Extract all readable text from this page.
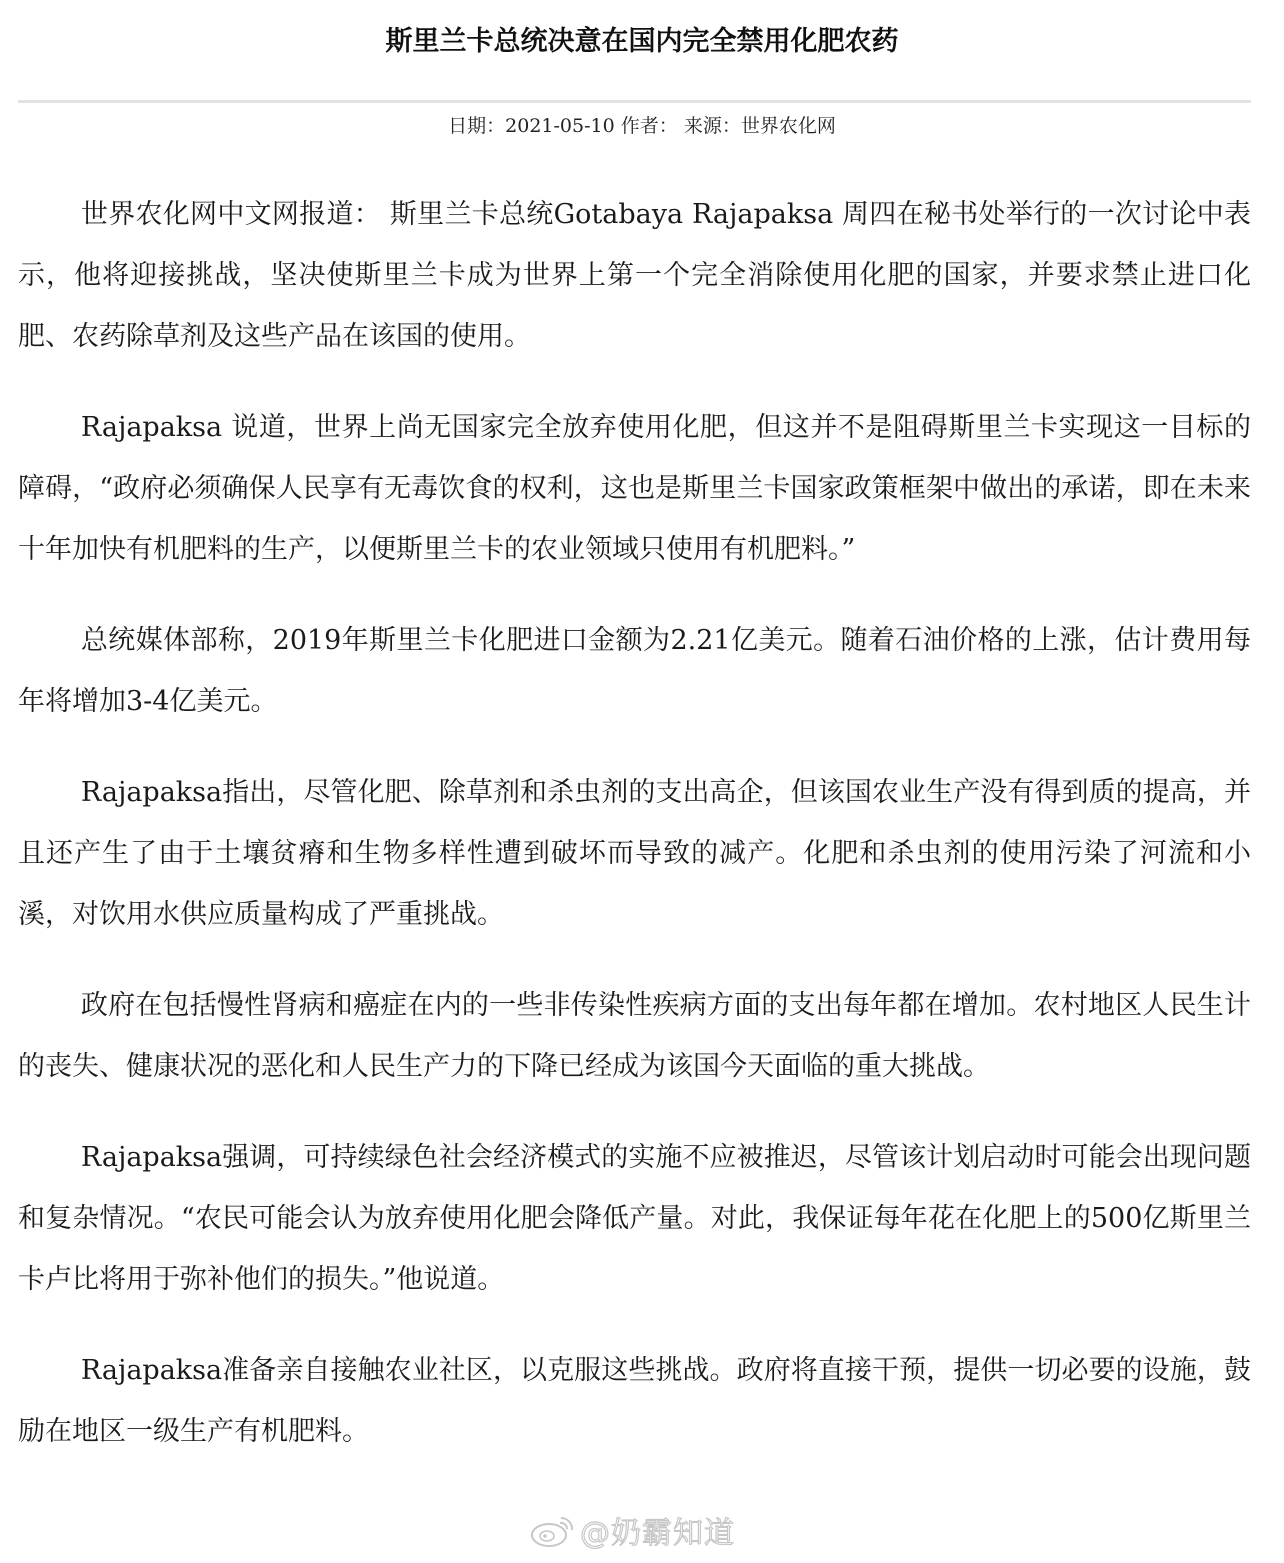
斯里兰卡总统决意在国内完全禁用化肥农药
日期：2021-05-10 作者： 来源：世界农化网

世界农化网中文网报道： 斯里兰卡总统Gotabaya Rajapaksa 周四在秘书处举行的一次讨论中表示，他将迎接挑战，坚决使斯里兰卡成为世界上第一个完全消除使用化肥的国家，并要求禁止进口化肥、农药除草剂及这些产品在该国的使用。

Rajapaksa 说道，世界上尚无国家完全放弃使用化肥，但这并不是阻碍斯里兰卡实现这一目标的障碍，“政府必须确保人民享有无毒饮食的权利，这也是斯里兰卡国家政策框架中做出的承诺，即在未来十年加快有机肥料的生产，以便斯里兰卡的农业领域只使用有机肥料。”

总统媒体部称，2019年斯里兰卡化肥进口金额为2.21亿美元。随着石油价格的上涨，估计费用每年将增加3-4亿美元。

Rajapaksa指出，尽管化肥、除草剂和杀虫剂的支出高企，但该国农业生产没有得到质的提高，并且还产生了由于土壤贫瘠和生物多样性遭到破坏而导致的减产。化肥和杀虫剂的使用污染了河流和小溪，对饮用水供应质量构成了严重挑战。

政府在包括慢性肾病和癌症在内的一些非传染性疾病方面的支出每年都在增加。农村地区人民生计的丧失、健康状况的恶化和人民生产力的下降已经成为该国今天面临的重大挑战。

Rajapaksa强调，可持续绿色社会经济模式的实施不应被推迟，尽管该计划启动时可能会出现问题和复杂情况。“农民可能会认为放弃使用化肥会降低产量。对此，我保证每年花在化肥上的500亿斯里兰卡卢比将用于弥补他们的损失。”他说道。

Rajapaksa准备亲自接触农业社区，以克服这些挑战。政府将直接干预，提供一切必要的设施，鼓励在地区一级生产有机肥料。

@奶霸知道
